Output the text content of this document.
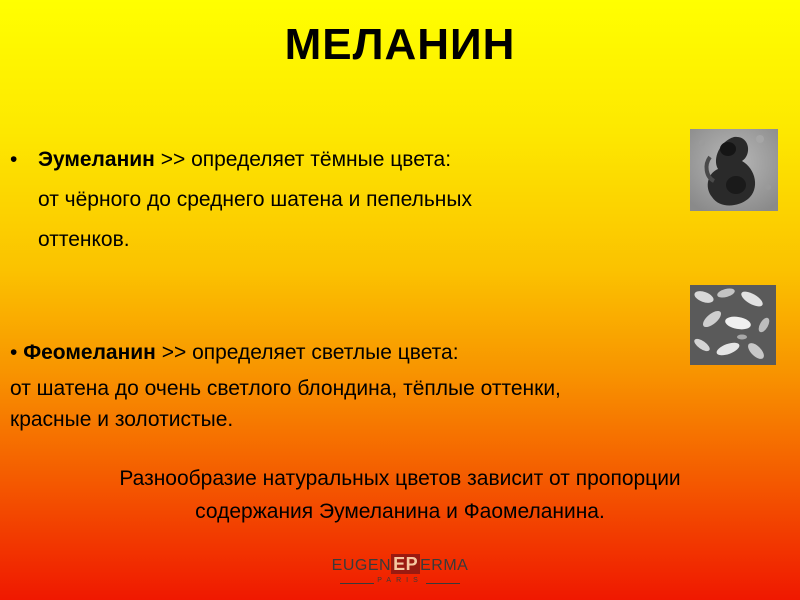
МЕЛАНИН
• Эумеланин >> определяет тёмные цвета:
от чёрного до среднего шатена и пепельных
оттенков.
• Феомеланин >> определяет светлые цвета:
от шатена до очень светлого блондина, тёплые оттенки,
красные и золотистые.
Разнообразие натуральных цветов зависит от пропорции
содержания Эумеланина и Фаомеланина.
EUGEN EP ERMA
PARIS
